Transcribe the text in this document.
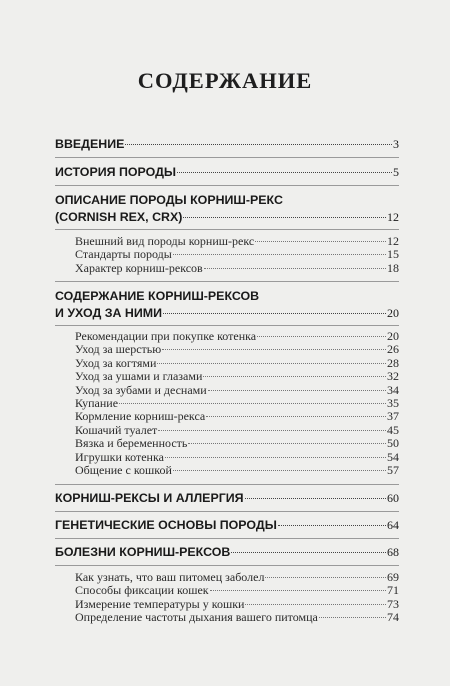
СОДЕРЖАНИЕ
ВВЕДЕНИЕ	3
ИСТОРИЯ ПОРОДЫ	5
ОПИСАНИЕ ПОРОДЫ КОРНИШ-РЕКС
(CORNISH REX, CRX)	12
Внешний вид породы корниш-рекс	12
Стандарты породы	15
Характер корниш-рексов	18
СОДЕРЖАНИЕ КОРНИШ-РЕКСОВ
И УХОД ЗА НИМИ	20
Рекомендации при покупке котенка	20
Уход за шерстью	26
Уход за когтями	28
Уход за ушами и глазами	32
Уход за зубами и деснами	34
Купание	35
Кормление корниш-рекса	37
Кошачий туалет	45
Вязка и беременность	50
Игрушки котенка	54
Общение с кошкой	57
КОРНИШ-РЕКСЫ И АЛЛЕРГИЯ	60
ГЕНЕТИЧЕСКИЕ ОСНОВЫ ПОРОДЫ	64
БОЛЕЗНИ КОРНИШ-РЕКСОВ	68
Как узнать, что ваш питомец заболел	69
Способы фиксации кошек	71
Измерение температуры у кошки	73
Определение частоты дыхания вашего питомца	74
